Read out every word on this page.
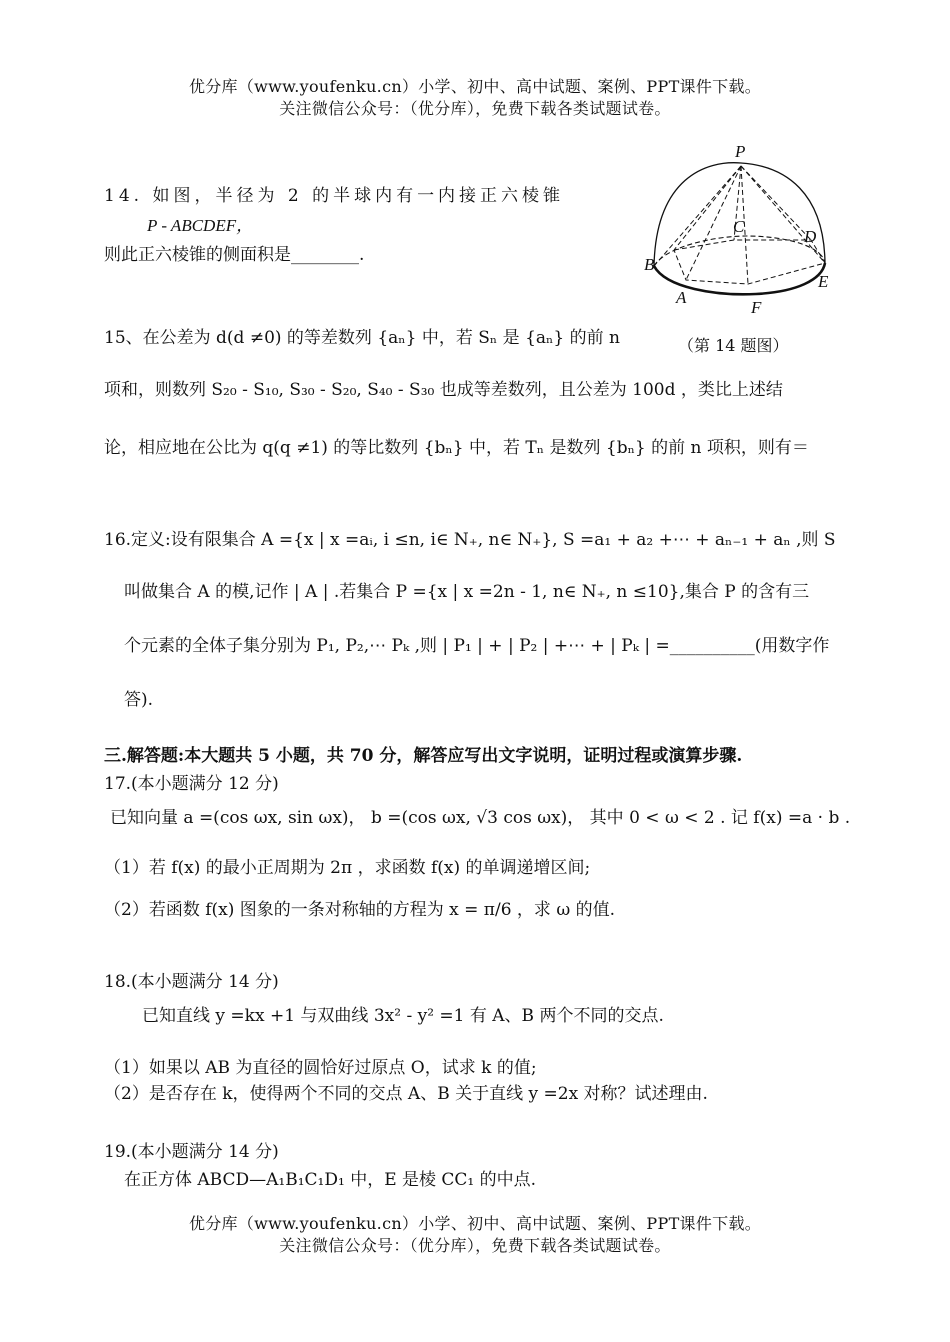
优分库（www.youfenku.cn）小学、初中、高中试题、案例、PPT课件下载。
关注微信公众号：（优分库），免费下载各类试题试卷。
14. 如图，半径为 2 的半球内有一内接正六棱锥
P - ABCDEF，
则此正六棱锥的侧面积是________.
P
B
C
D
E
A
F
（第 14 题图）
15、在公差为 d(d ≠0) 的等差数列 {aₙ} 中，若 Sₙ 是 {aₙ} 的前 n
项和，则数列 S₂₀ - S₁₀, S₃₀ - S₂₀, S₄₀ - S₃₀ 也成等差数列，且公差为 100d ，类比上述结
论，相应地在公比为 q(q ≠1) 的等比数列 {bₙ} 中，若 Tₙ 是数列 {bₙ} 的前 n 项积，则有＝
16.定义:设有限集合 A ={x | x =aᵢ, i ≤n, i∈ N₊, n∈ N₊}, S =a₁ + a₂ +⋯ + aₙ₋₁ + aₙ ,则 S
叫做集合 A 的模,记作 | A | .若集合 P ={x | x =2n - 1, n∈ N₊, n ≤10},集合 P 的含有三
个元素的全体子集分别为 P₁, P₂,⋯ Pₖ ,则 | P₁ | + | P₂ | +⋯ + | Pₖ | =__________(用数字作
答).
三.解答题:本大题共 5 小题，共 70 分，解答应写出文字说明，证明过程或演算步骤.
17.(本小题满分 12 分)
已知向量 a =(cos ωx, sin ωx)， b =(cos ωx, √3 cos ωx)， 其中 0 < ω < 2 . 记 f(x) =a · b .
（1）若 f(x) 的最小正周期为 2π ，求函数 f(x) 的单调递增区间;
（2）若函数 f(x) 图象的一条对称轴的方程为 x = π/6 ，求 ω 的值.
18.(本小题满分 14 分)
已知直线 y =kx +1 与双曲线 3x² - y² =1 有 A、B 两个不同的交点.
（1）如果以 AB 为直径的圆恰好过原点 O，试求 k 的值;
（2）是否存在 k，使得两个不同的交点 A、B 关于直线 y =2x 对称？试述理由.
19.(本小题满分 14 分)
在正方体 ABCD—A₁B₁C₁D₁ 中，E 是棱 CC₁ 的中点.
优分库（www.youfenku.cn）小学、初中、高中试题、案例、PPT课件下载。
关注微信公众号：（优分库），免费下载各类试题试卷。
